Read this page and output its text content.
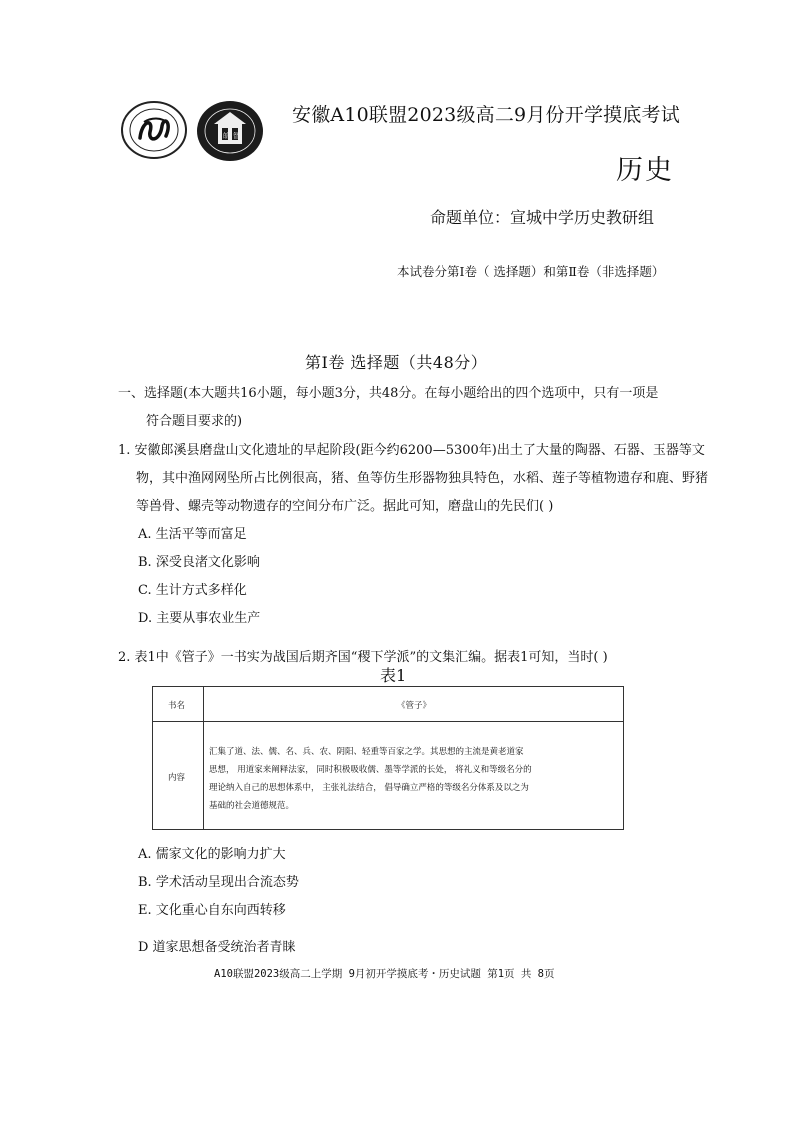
皖 智
安徽A10联盟2023级高二9月份开学摸底考试
历史
命题单位：宣城中学历史教研组
本试卷分第Ⅰ卷（ 选择题）和第Ⅱ卷（非选择题）
第Ⅰ卷 选择题（共48分）
一、选择题(本大题共16小题，每小题3分，共48分。在每小题给出的四个选项中，只有一项是
符合题目要求的)
1. 安徽郎溪县磨盘山文化遗址的早起阶段(距今约6200—5300年)出土了大量的陶器、石器、玉器等文
物，其中渔网网坠所占比例很高，猪、鱼等仿生形器物独具特色，水稻、莲子等植物遗存和鹿、野猪
等兽骨、螺壳等动物遗存的空间分布广泛。据此可知，磨盘山的先民们( )
A. 生活平等而富足
B. 深受良渚文化影响
C. 生计方式多样化
D. 主要从事农业生产
2. 表1中《管子》一书实为战国后期齐国“稷下学派”的文集汇编。据表1可知，当时( )
表1
书名	《管子》
内容
汇集了道、法、儒、名、兵、农、阴阳、轻重等百家之学。其思想的主流是黄老道家
思想， 用道家来阐释法家， 同时积极吸收儒、墨等学派的长处， 将礼义和等级名分的
理论纳入自己的思想体系中， 主张礼法结合， 倡导确立严格的等级名分体系及以之为
基础的社会道德规范。
A. 儒家文化的影响力扩大
B. 学术活动呈现出合流态势
E. 文化重心自东向西转移
D 道家思想备受统治者青睐
A10联盟2023级高二上学期 9月初开学摸底考・历史试题 第1页 共 8页
